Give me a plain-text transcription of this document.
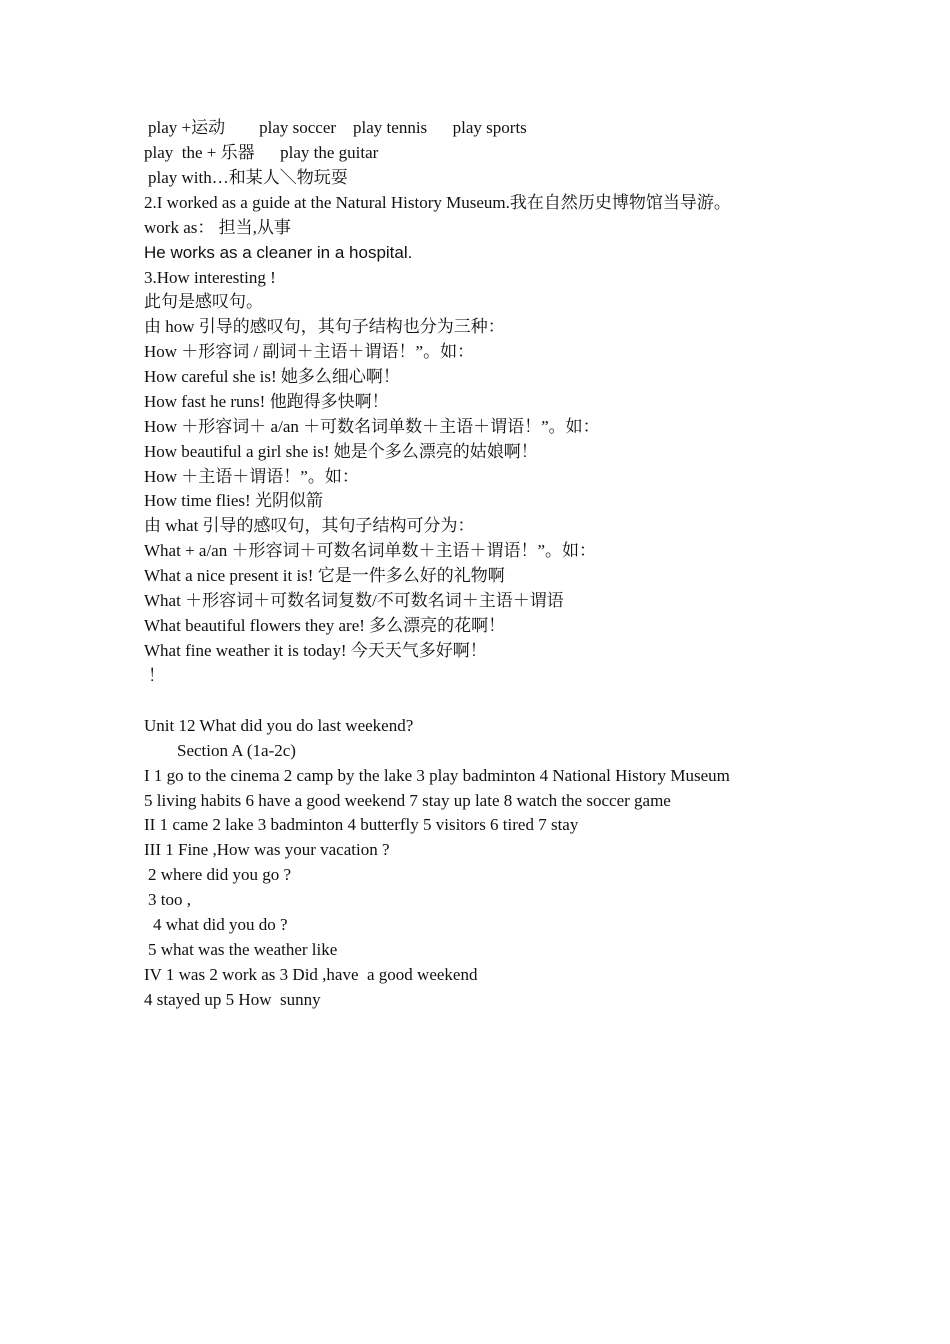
play +运动        play soccer    play tennis      play sports
play  the + 乐器      play the guitar
play with…和某人＼物玩耍
2.I worked as a guide at the Natural History Museum.我在自然历史博物馆当导游。
work as： 担当,从事
He works as a cleaner in a hospital.
3.How interesting !
此句是感叹句。
由 how 引导的感叹句，其句子结构也分为三种：
How ＋形容词 / 副词＋主语＋谓语！”。如：
How careful she is! 她多么细心啊！
How fast he runs! 他跑得多快啊！
How ＋形容词＋ a/an ＋可数名词单数＋主语＋谓语！”。如：
How beautiful a girl she is! 她是个多么漂亮的姑娘啊！
How ＋主语＋谓语！”。如：
How time flies! 光阴似箭
由 what 引导的感叹句，其句子结构可分为：
What + a/an ＋形容词＋可数名词单数＋主语＋谓语！”。如：
What a nice present it is! 它是一件多么好的礼物啊
What ＋形容词＋可数名词复数/不可数名词＋主语＋谓语
What beautiful flowers they are! 多么漂亮的花啊！
What fine weather it is today! 今天天气多好啊！
！
Unit 12 What did you do last weekend?
Section A (1a-2c)
I 1 go to the cinema 2 camp by the lake 3 play badminton 4 National History Museum
5 living habits 6 have a good weekend 7 stay up late 8 watch the soccer game
II 1 came 2 lake 3 badminton 4 butterfly 5 visitors 6 tired 7 stay
III 1 Fine ,How was your vacation ?
2 where did you go ?
3 too ,
4 what did you do ?
5 what was the weather like
IV 1 was 2 work as 3 Did ,have  a good weekend
4 stayed up 5 How  sunny
